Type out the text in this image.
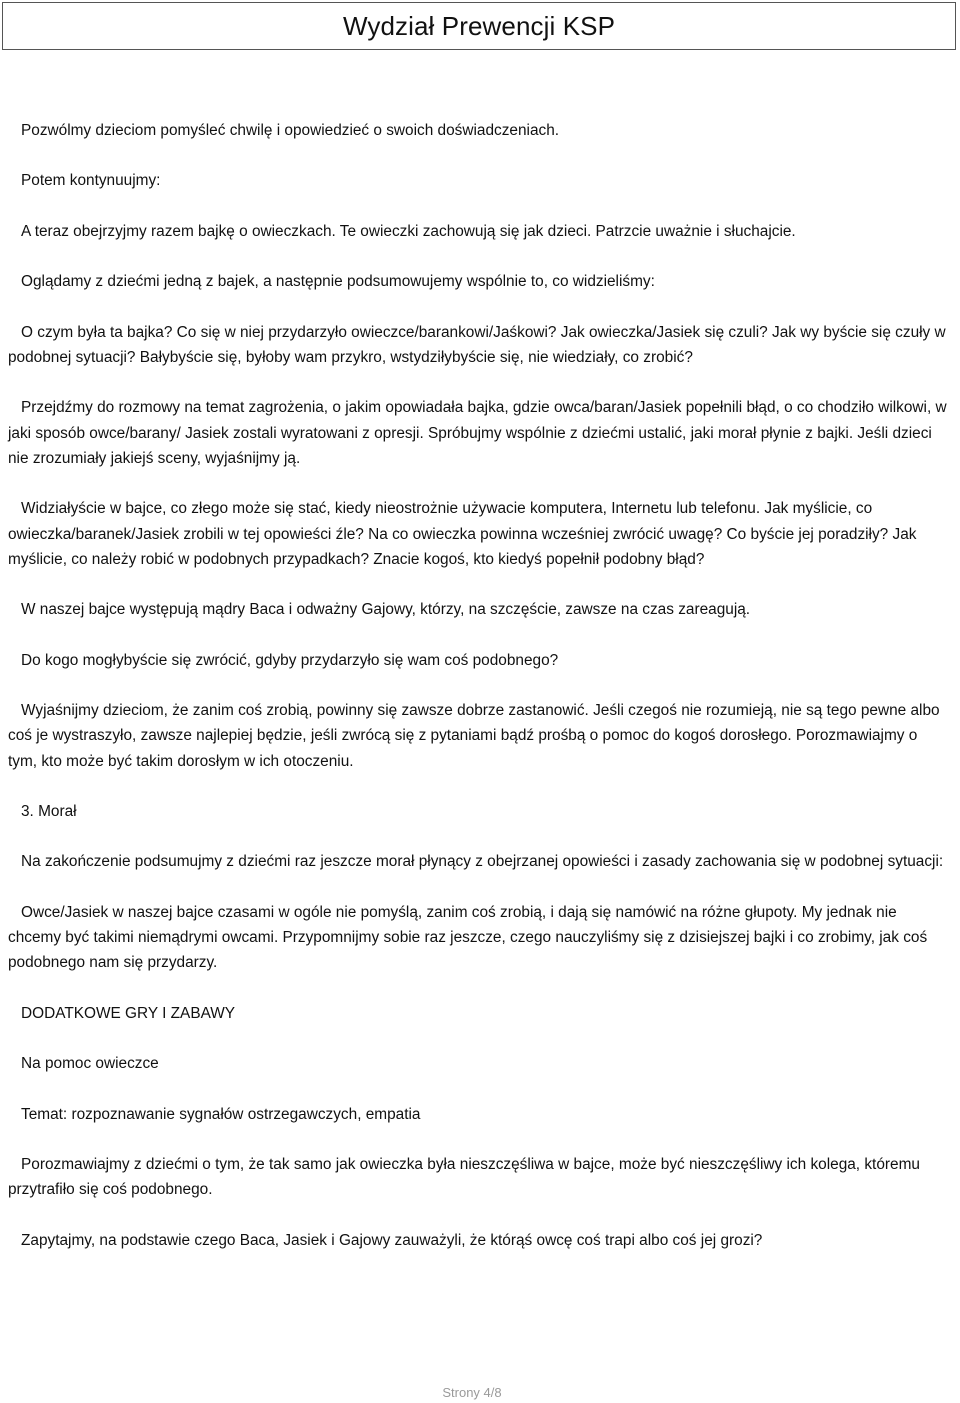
Wydział Prewencji KSP

Pozwólmy dzieciom pomyśleć chwilę i opowiedzieć o swoich doświadczeniach.

Potem kontynuujmy:

A teraz obejrzyjmy razem bajkę o owieczkach. Te owieczki zachowują się jak dzieci. Patrzcie uważnie i słuchajcie.

Oglądamy z dziećmi jedną z bajek, a następnie podsumowujemy wspólnie to, co widzieliśmy:

O czym była ta bajka? Co się w niej przydarzyło owieczce/barankowi/Jaśkowi? Jak owieczka/Jasiek się czuli? Jak wy byście się czuły w podobnej sytuacji? Bałybyście się, byłoby wam przykro, wstydziłybyście się, nie wiedziały, co zrobić?

Przejdźmy do rozmowy na temat zagrożenia, o jakim opowiadała bajka, gdzie owca/baran/Jasiek popełnili błąd, o co chodziło wilkowi, w jaki sposób owce/barany/ Jasiek zostali wyratowani z opresji. Spróbujmy wspólnie z dziećmi ustalić, jaki morał płynie z bajki. Jeśli dzieci nie zrozumiały jakiejś sceny, wyjaśnijmy ją.

Widziałyście w bajce, co złego może się stać, kiedy nieostrożnie używacie komputera, Internetu lub telefonu. Jak myślicie, co owieczka/baranek/Jasiek zrobili w tej opowieści źle? Na co owieczka powinna wcześniej zwrócić uwagę? Co byście jej poradziły? Jak myślicie, co należy robić w podobnych przypadkach? Znacie kogoś, kto kiedyś popełnił podobny błąd?

W naszej bajce występują mądry Baca i odważny Gajowy, którzy, na szczęście, zawsze na czas zareagują.

Do kogo mogłybyście się zwrócić, gdyby przydarzyło się wam coś podobnego?

Wyjaśnijmy dzieciom, że zanim coś zrobią, powinny się zawsze dobrze zastanowić. Jeśli czegoś nie rozumieją, nie są tego pewne albo coś je wystraszyło, zawsze najlepiej będzie, jeśli zwrócą się z pytaniami bądź prośbą o pomoc do kogoś dorosłego. Porozmawiajmy o tym, kto może być takim dorosłym w ich otoczeniu.

3. Morał

Na zakończenie podsumujmy z dziećmi raz jeszcze morał płynący z obejrzanej opowieści i zasady zachowania się w podobnej sytuacji:

Owce/Jasiek w naszej bajce czasami w ogóle nie pomyślą, zanim coś zrobią, i dają się namówić na różne głupoty. My jednak nie chcemy być takimi niemądrymi owcami. Przypomnijmy sobie raz jeszcze, czego nauczyliśmy się z dzisiejszej bajki i co zrobimy, jak coś podobnego nam się przydarzy.

DODATKOWE GRY I ZABAWY

Na pomoc owieczce

Temat: rozpoznawanie sygnałów ostrzegawczych, empatia

Porozmawiajmy z dziećmi o tym, że tak samo jak owieczka była nieszczęśliwa w bajce, może być nieszczęśliwy ich kolega, któremu przytrafiło się coś podobnego.

Zapytajmy, na podstawie czego Baca, Jasiek i Gajowy zauważyli, że którąś owcę coś trapi albo coś jej grozi?

Strony 4/8
